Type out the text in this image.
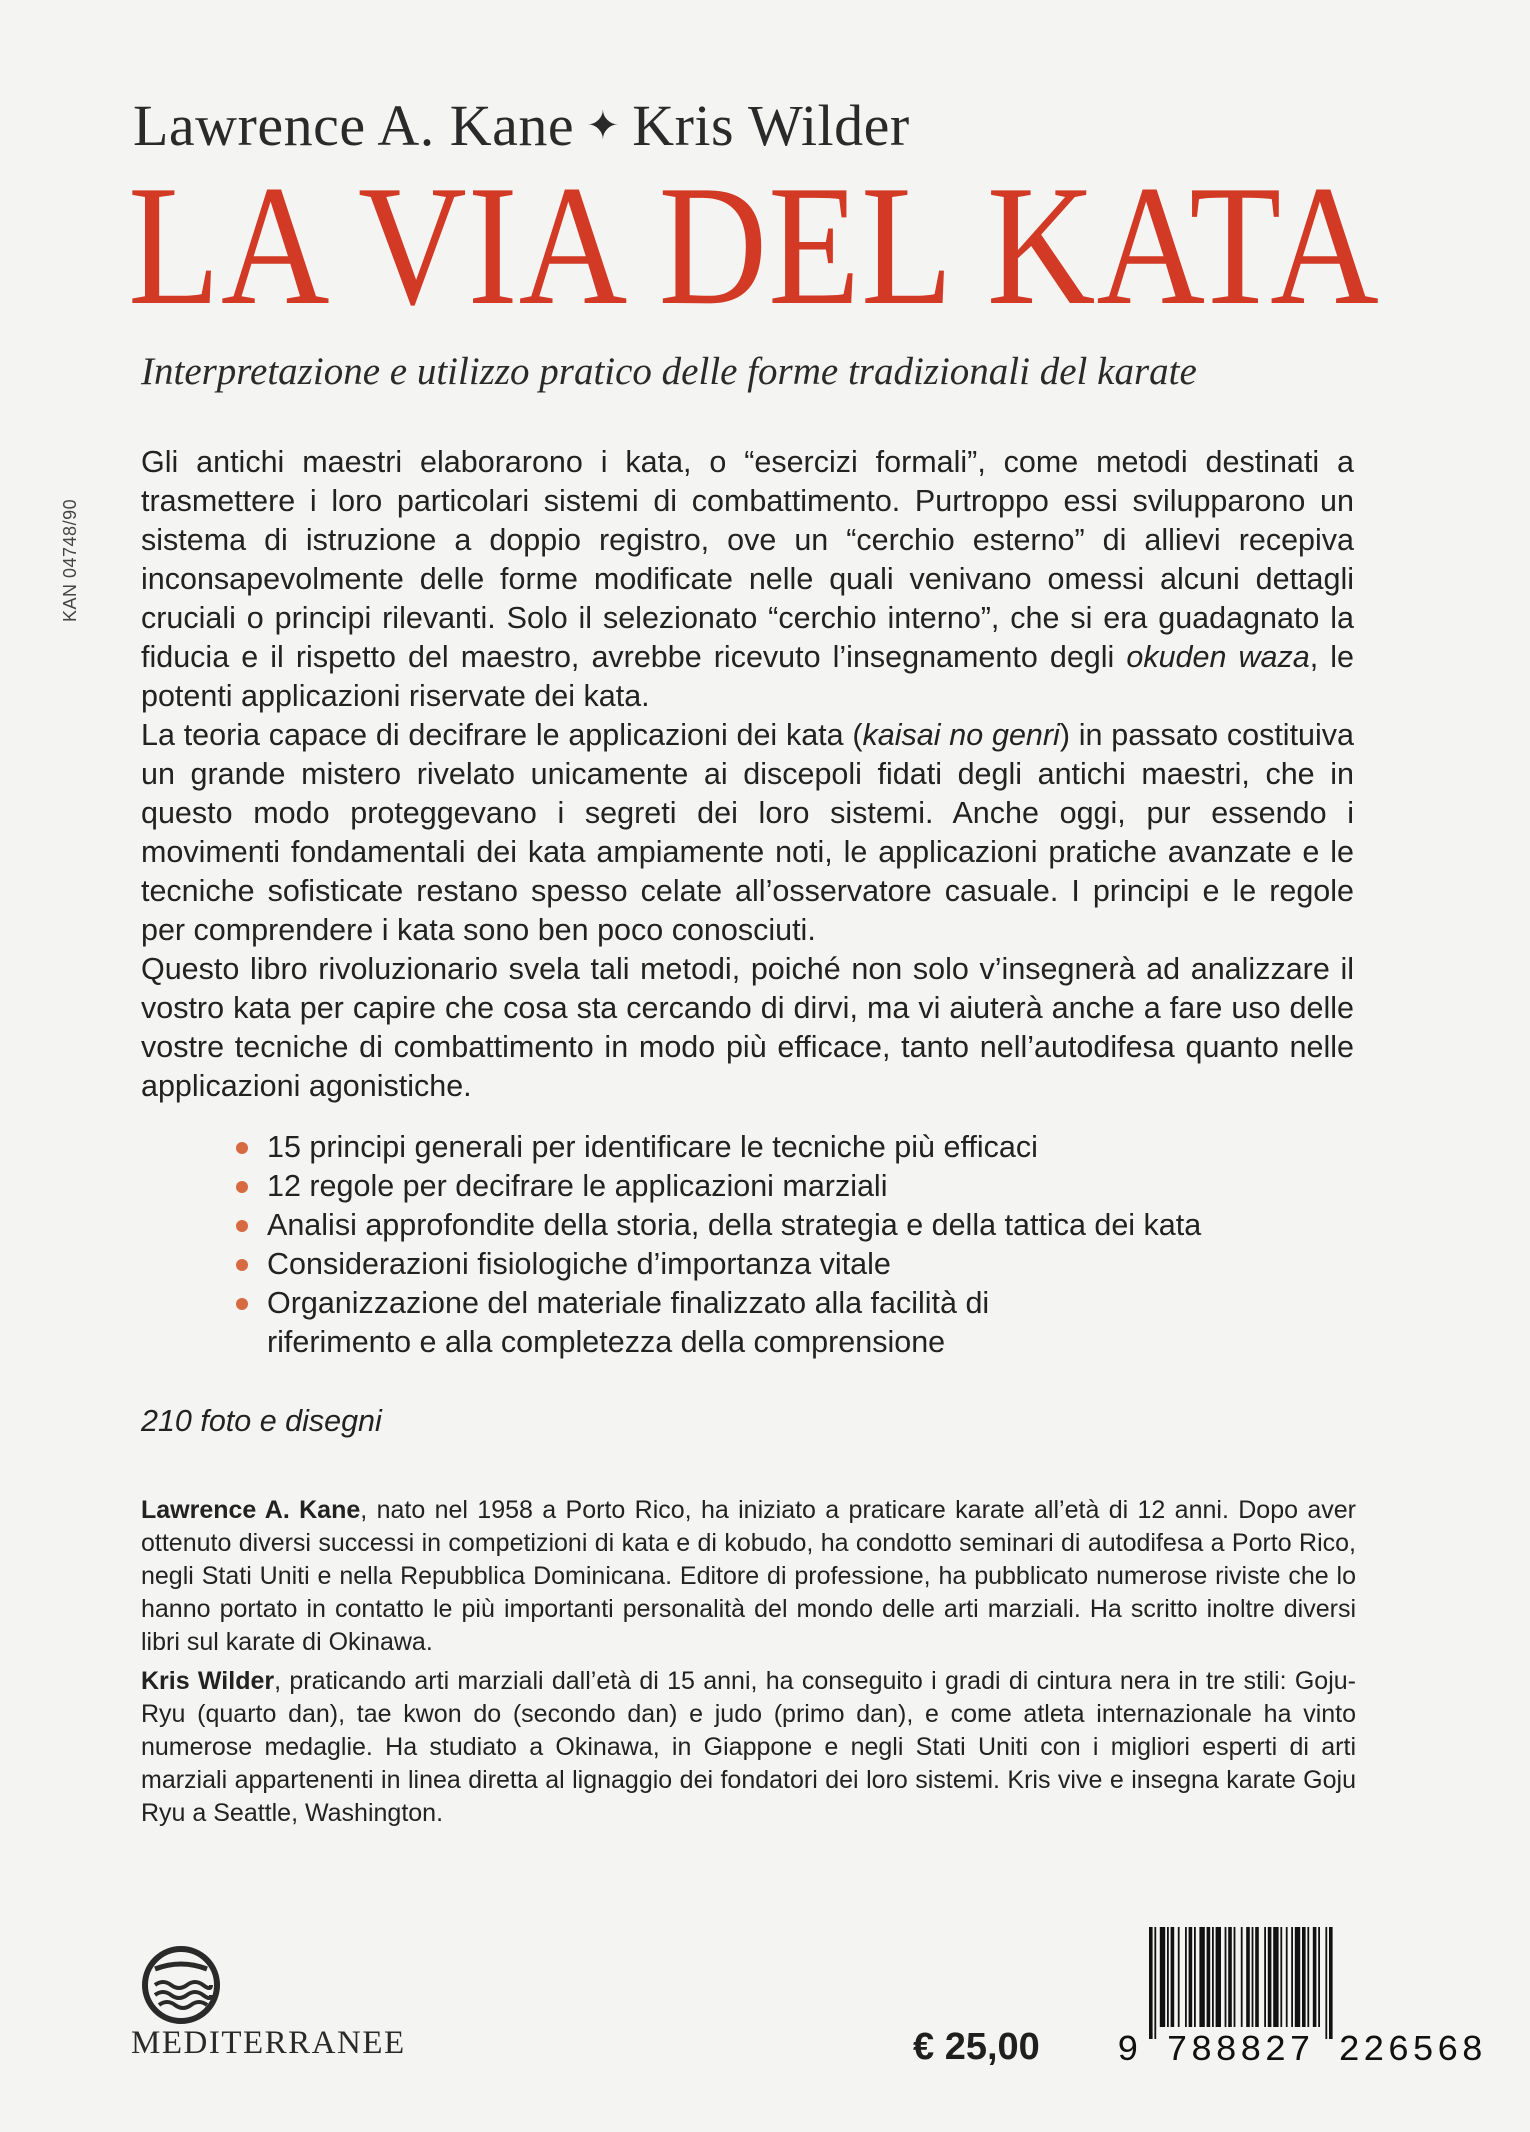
Lawrence A. Kane ✦ Kris Wilder
LA VIA DEL KATA
Interpretazione e utilizzo pratico delle forme tradizionali del karate
KAN 04748/90

Gli antichi maestri elaborarono i kata, o “esercizi formali”, come metodi destinati a trasmettere i loro particolari sistemi di combattimento. Purtroppo essi svilupparono un sistema di istruzione a doppio registro, ove un “cerchio esterno” di allievi recepiva inconsapevolmente delle forme modificate nelle quali venivano omessi alcuni dettagli cruciali o principi rilevanti. Solo il selezionato “cerchio interno”, che si era guadagnato la fiducia e il rispetto del maestro, avrebbe ricevuto l’insegnamento degli okuden waza, le potenti applicazioni riservate dei kata.

La teoria capace di decifrare le applicazioni dei kata (kaisai no genri) in passato costituiva un grande mistero rivelato unicamente ai discepoli fidati degli antichi maestri, che in questo modo proteggevano i segreti dei loro sistemi. Anche oggi, pur essendo i movimenti fondamentali dei kata ampiamente noti, le applicazioni pratiche avanzate e le tecniche sofisticate restano spesso celate all’osservatore casuale. I principi e le regole per comprendere i kata sono ben poco conosciuti.

Questo libro rivoluzionario svela tali metodi, poiché non solo v’insegnerà ad analizzare il vostro kata per capire che cosa sta cercando di dirvi, ma vi aiuterà anche a fare uso delle vostre tecniche di combattimento in modo più efficace, tanto nell’autodifesa quanto nelle applicazioni agonistiche.

15 principi generali per identificare le tecniche più efficaci
12 regole per decifrare le applicazioni marziali
Analisi approfondite della storia, della strategia e della tattica dei kata
Considerazioni fisiologiche d’importanza vitale
Organizzazione del materiale finalizzato alla facilità di riferimento e alla completezza della comprensione
210 foto e disegni

Lawrence A. Kane, nato nel 1958 a Porto Rico, ha iniziato a praticare karate all’età di 12 anni. Dopo aver ottenuto diversi successi in competizioni di kata e di kobudo, ha condotto seminari di autodifesa a Porto Rico, negli Stati Uniti e nella Repubblica Dominicana. Editore di professione, ha pubblicato numerose riviste che lo hanno portato in contatto le più importanti personalità del mondo delle arti marziali. Ha scritto inoltre diversi libri sul karate di Okinawa.

Kris Wilder, praticando arti marziali dall’età di 15 anni, ha conseguito i gradi di cintura nera in tre stili: Goju-Ryu (quarto dan), tae kwon do (secondo dan) e judo (primo dan), e come atleta internazionale ha vinto numerose medaglie. Ha studiato a Okinawa, in Giappone e negli Stati Uniti con i migliori esperti di arti marziali appartenenti in linea diretta al lignaggio dei fondatori dei loro sistemi. Kris vive e insegna karate Goju Ryu a Seattle, Washington.

MEDITERRANEE	€ 25,00 9 788827 226568
